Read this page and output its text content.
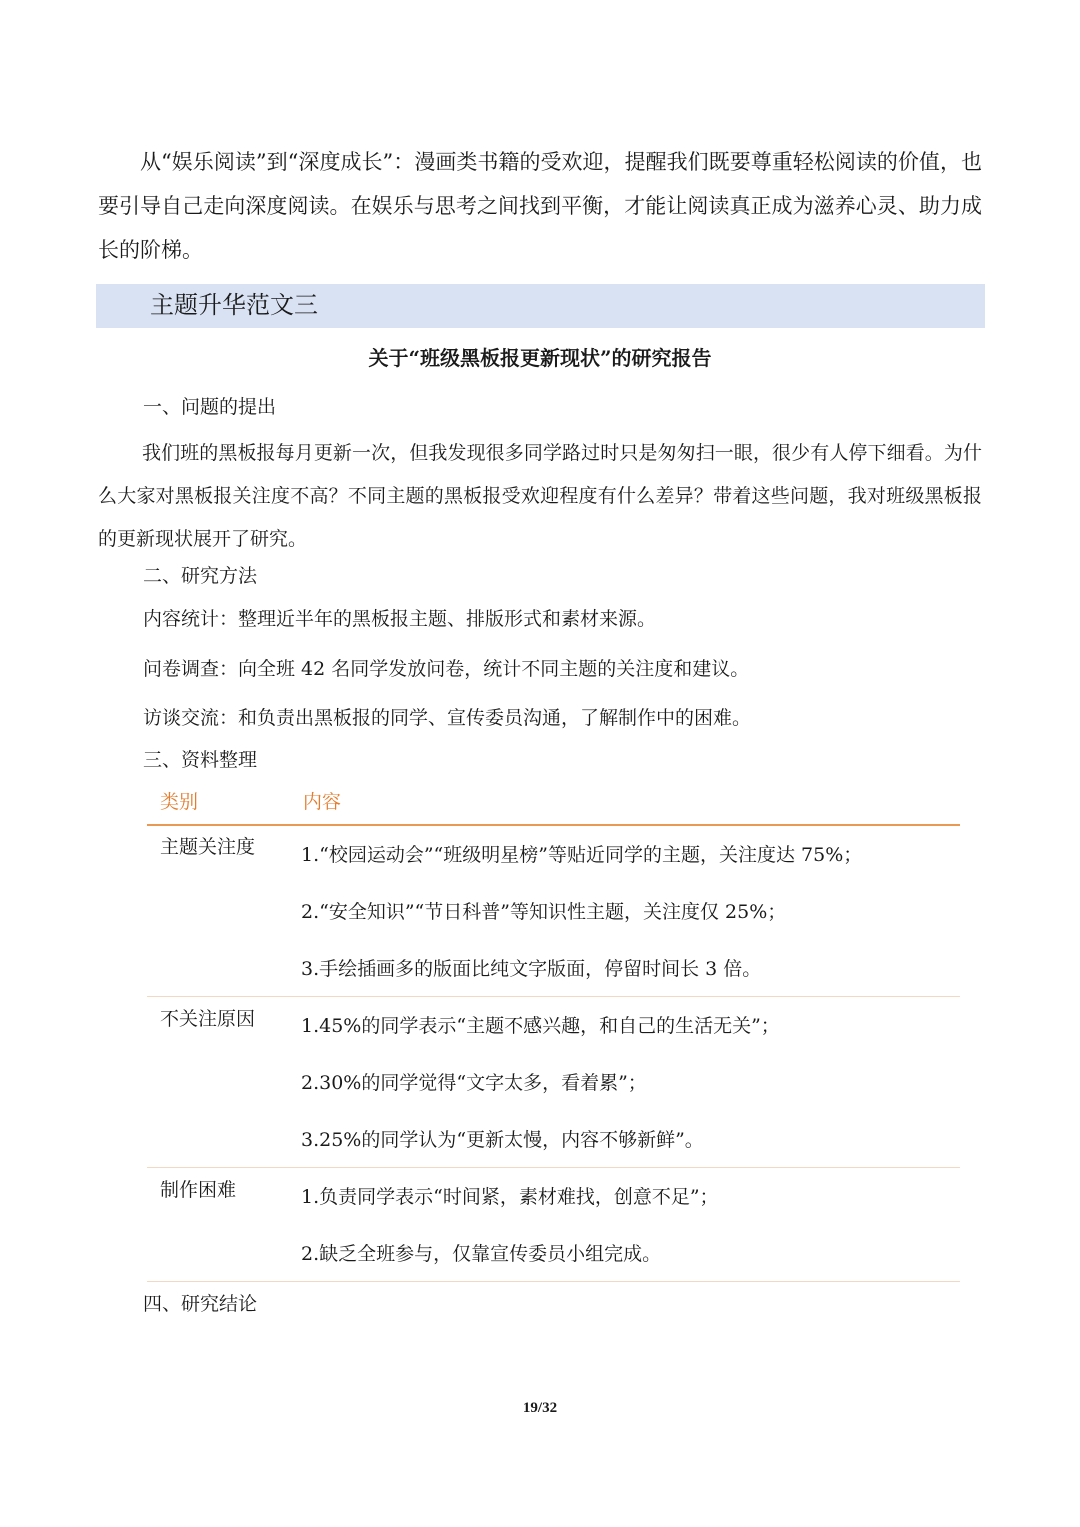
从“娱乐阅读”到“深度成长”：漫画类书籍的受欢迎，提醒我们既要尊重轻松阅读的价值，也要引导自己走向深度阅读。在娱乐与思考之间找到平衡，才能让阅读真正成为滋养心灵、助力成长的阶梯。

主题升华范文三
关于“班级黑板报更新现状”的研究报告

一、问题的提出

我们班的黑板报每月更新一次，但我发现很多同学路过时只是匆匆扫一眼，很少有人停下细看。为什么大家对黑板报关注度不高？不同主题的黑板报受欢迎程度有什么差异？带着这些问题，我对班级黑板报的更新现状展开了研究。

二、研究方法

内容统计：整理近半年的黑板报主题、排版形式和素材来源。

问卷调查：向全班 42 名同学发放问卷，统计不同主题的关注度和建议。

访谈交流：和负责出黑板报的同学、宣传委员沟通，了解制作中的困难。

三、资料整理

类别	内容

主题关注度 1.“校园运动会”“班级明星榜”等贴近同学的主题，关注度达 75%；

2.“安全知识”“节日科普”等知识性主题，关注度仅 25%；

3.手绘插画多的版面比纯文字版面，停留时间长 3 倍。

不关注原因 1.45%的同学表示“主题不感兴趣，和自己的生活无关”；

2.30%的同学觉得“文字太多，看着累”；

3.25%的同学认为“更新太慢，内容不够新鲜”。

制作困难	1.负责同学表示“时间紧，素材难找，创意不足”；

2.缺乏全班参与，仅靠宣传委员小组完成。

四、研究结论

19/32
